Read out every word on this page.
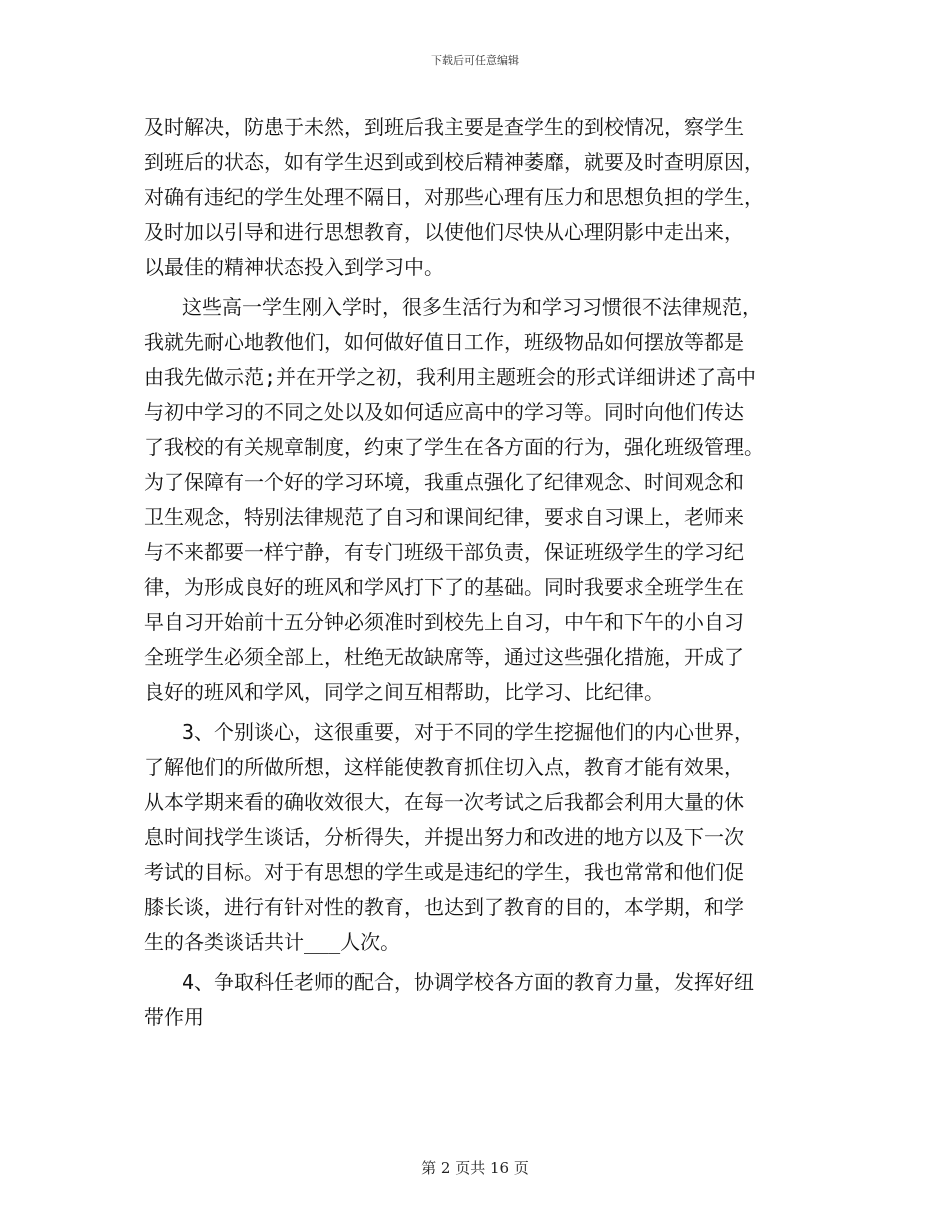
下载后可任意编辑
及时解决，防患于未然，到班后我主要是查学生的到校情况，察学生
到班后的状态，如有学生迟到或到校后精神萎靡，就要及时查明原因，
对确有违纪的学生处理不隔日，对那些心理有压力和思想负担的学生，
及时加以引导和进行思想教育，以使他们尽快从心理阴影中走出来，
以最佳的精神状态投入到学习中。
这些高一学生刚入学时，很多生活行为和学习习惯很不法律规范，
我就先耐心地教他们，如何做好值日工作，班级物品如何摆放等都是
由我先做示范;并在开学之初，我利用主题班会的形式详细讲述了高中
与初中学习的不同之处以及如何适应高中的学习等。同时向他们传达
了我校的有关规章制度，约束了学生在各方面的行为，强化班级管理。
为了保障有一个好的学习环境，我重点强化了纪律观念、时间观念和
卫生观念，特别法律规范了自习和课间纪律，要求自习课上，老师来
与不来都要一样宁静，有专门班级干部负责，保证班级学生的学习纪
律，为形成良好的班风和学风打下了的基础。同时我要求全班学生在
早自习开始前十五分钟必须准时到校先上自习，中午和下午的小自习
全班学生必须全部上，杜绝无故缺席等，通过这些强化措施，开成了
良好的班风和学风，同学之间互相帮助，比学习、比纪律。
3、个别谈心，这很重要，对于不同的学生挖掘他们的内心世界，
了解他们的所做所想，这样能使教育抓住切入点，教育才能有效果，
从本学期来看的确收效很大，在每一次考试之后我都会利用大量的休
息时间找学生谈话，分析得失，并提出努力和改进的地方以及下一次
考试的目标。对于有思想的学生或是违纪的学生，我也常常和他们促
膝长谈，进行有针对性的教育，也达到了教育的目的，本学期，和学
生的各类谈话共计___人次。
4、争取科任老师的配合，协调学校各方面的教育力量，发挥好纽
带作用
第 2 页共 16 页
